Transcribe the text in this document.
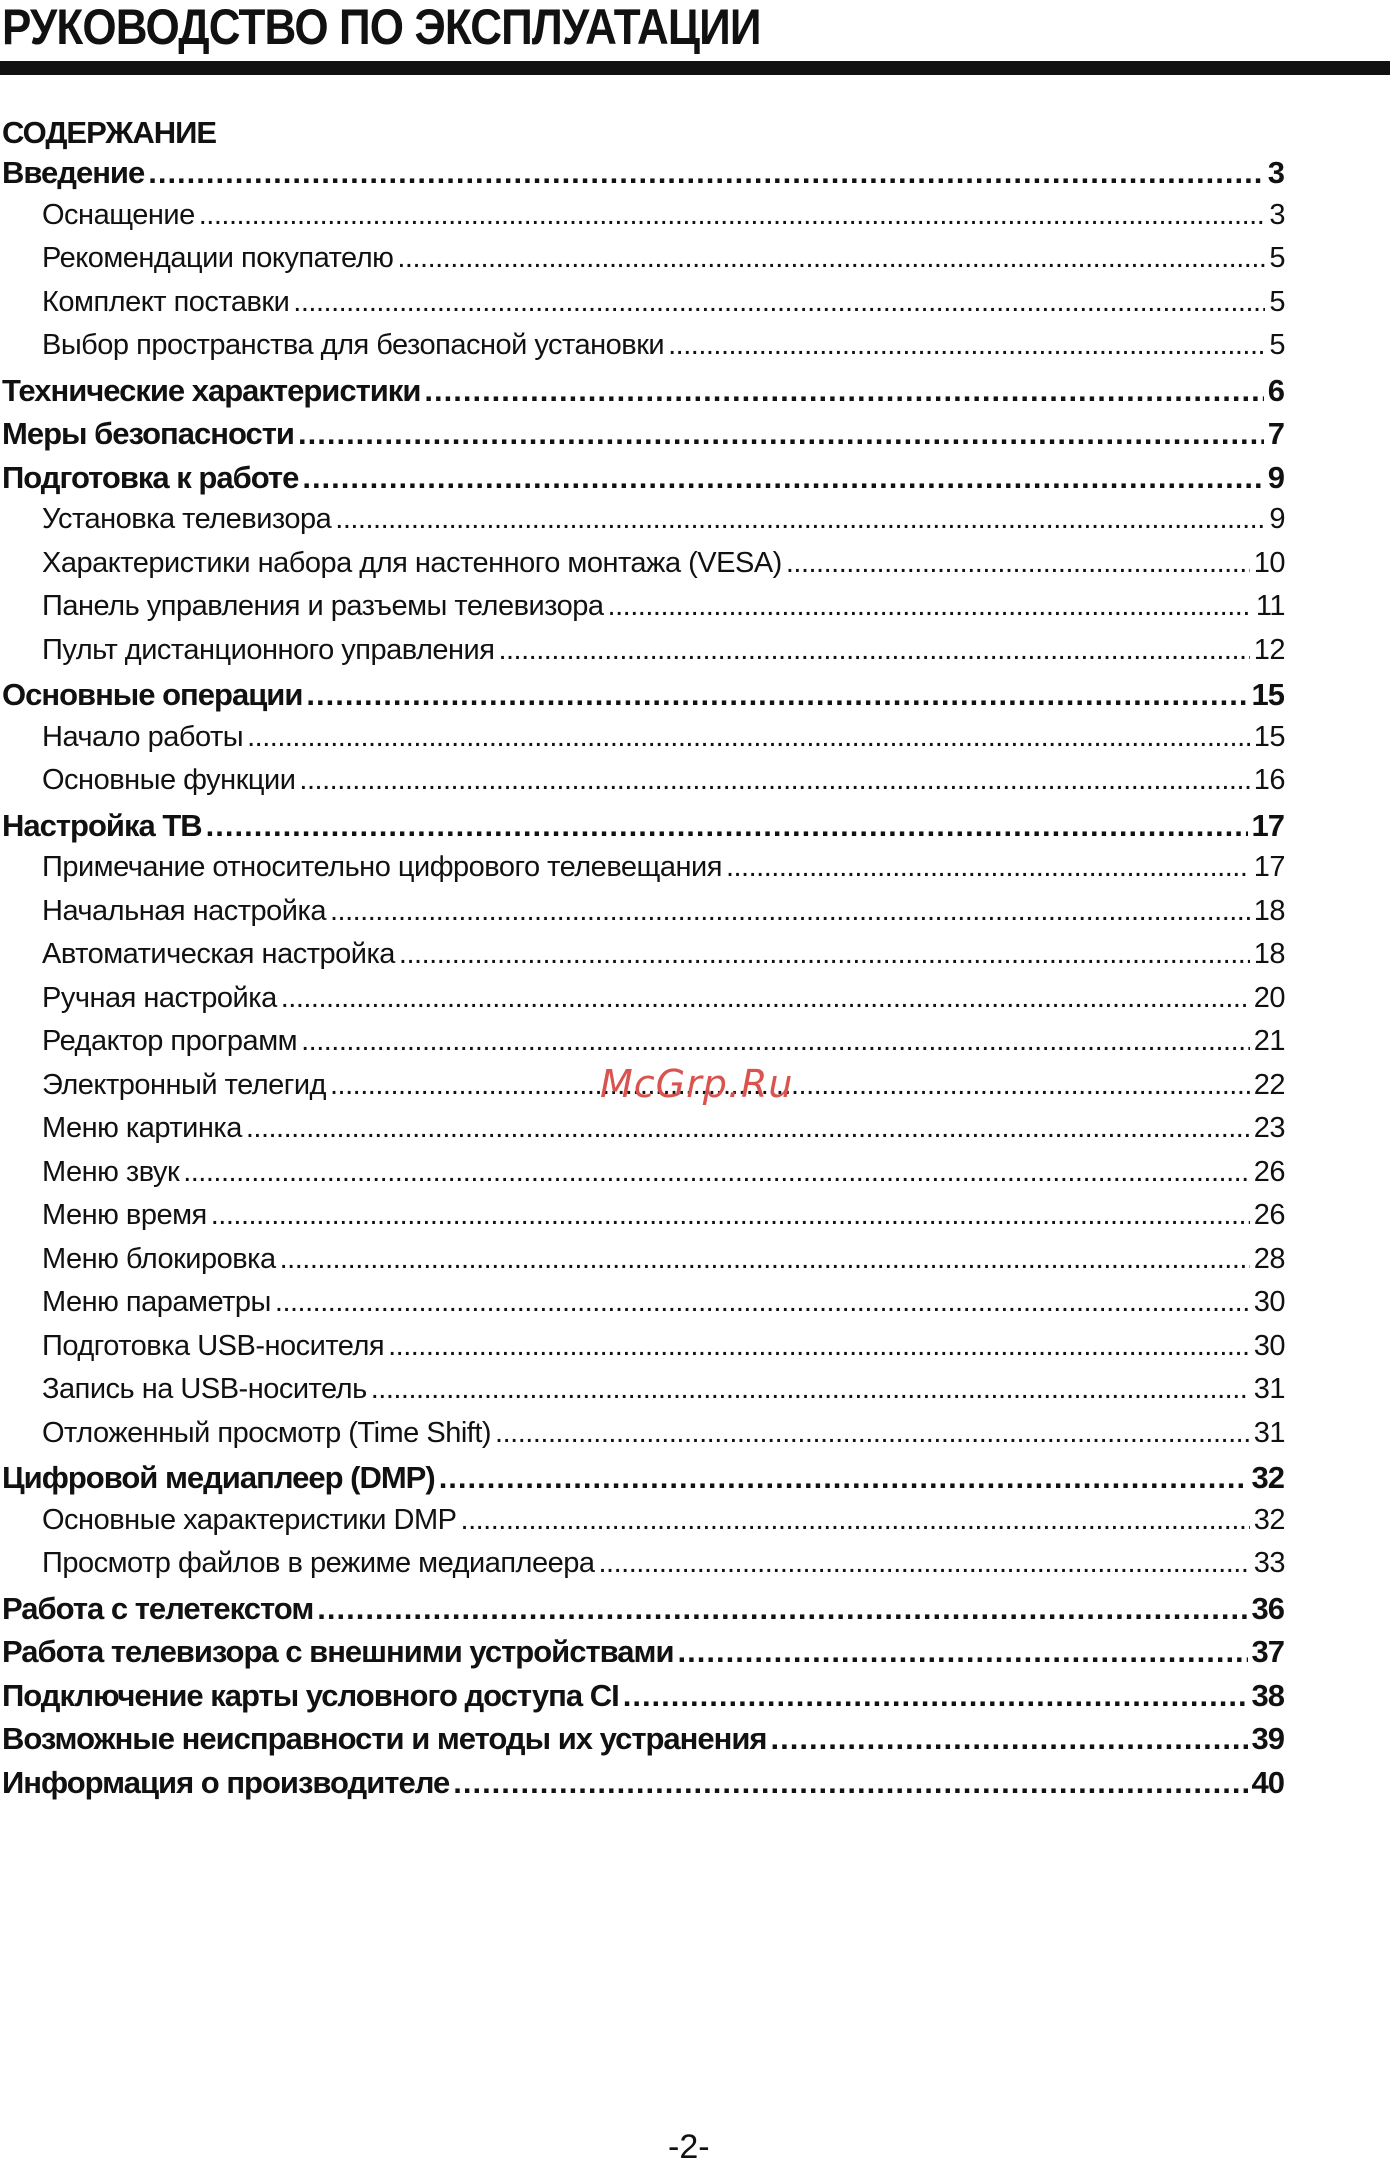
РУКОВОДСТВО ПО ЭКСПЛУАТАЦИИ
СОДЕРЖАНИЕ
Введение .....	3
Оснащение .....	3
Рекомендации покупателю .....	5
Комплект поставки .....	5
Выбор пространства для безопасной установки .....	5
Технические характеристики .....	6
Меры безопасности .....	7
Подготовка к работе .....	9
Установка телевизора .....	9
Характеристики набора для настенного монтажа (VESA) .....	10
Панель управления и разъемы телевизора .....	11
Пульт дистанционного управления .....	12
Основные операции .....	15
Начало работы .....	15
Основные функции .....	16
Настройка ТВ .....	17
Примечание относительно цифрового телевещания .....	17
Начальная настройка .....	18
Автоматическая настройка .....	18
Ручная настройка .....	20
Редактор программ .....	21
Электронный телегид .....	22
Меню картинка .....	23
Меню звук .....	26
Меню время .....	26
Меню блокировка .....	28
Меню параметры .....	30
Подготовка USB-носителя .....	30
Запись на USB-носитель .....	31
Отложенный просмотр (Time Shift) .....	31
Цифровой медиаплеер (DMP) .....	32
Основные характеристики DMP .....	32
Просмотр файлов в режиме медиаплеера .....	33
Работа с телетекстом .....	36
Работа телевизора с внешними устройствами .....	37
Подключение карты условного доступа CI .....	38
Возможные неисправности и методы их устранения .....	39
Информация о производителе .....	40
McGrp.Ru
-2-
